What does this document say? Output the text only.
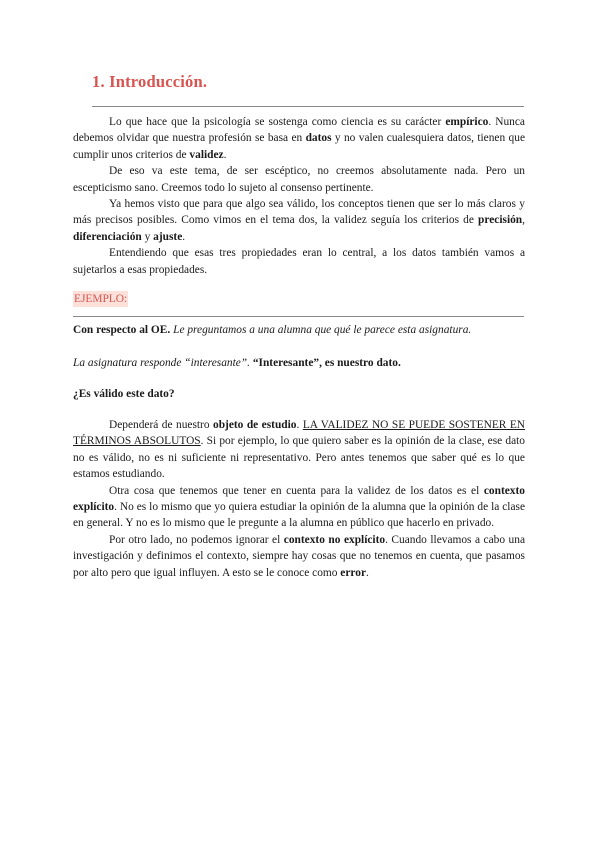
1. Introducción.

Lo que hace que la psicología se sostenga como ciencia es su carácter empírico. Nunca debemos olvidar que nuestra profesión se basa en datos y no valen cualesquiera datos, tienen que cumplir unos criterios de validez.

De eso va este tema, de ser escéptico, no creemos absolutamente nada. Pero un escepticismo sano. Creemos todo lo sujeto al consenso pertinente.

Ya hemos visto que para que algo sea válido, los conceptos tienen que ser lo más claros y más precisos posibles. Como vimos en el tema dos, la validez seguía los criterios de precisión, diferenciación y ajuste.

Entendiendo que esas tres propiedades eran lo central, a los datos también vamos a sujetarlos a esas propiedades.

EJEMPLO:

Con respecto al OE. Le preguntamos a una alumna que qué le parece esta asignatura.

La asignatura responde “interesante”. “Interesante”, es nuestro dato.

¿Es válido este dato?

Dependerá de nuestro objeto de estudio. LA VALIDEZ NO SE PUEDE SOSTENER EN TÉRMINOS ABSOLUTOS. Si por ejemplo, lo que quiero saber es la opinión de la clase, ese dato no es válido, no es ni suficiente ni representativo. Pero antes tenemos que saber qué es lo que estamos estudiando.

Otra cosa que tenemos que tener en cuenta para la validez de los datos es el contexto explícito. No es lo mismo que yo quiera estudiar la opinión de la alumna que la opinión de la clase en general. Y no es lo mismo que le pregunte a la alumna en público que hacerlo en privado.

Por otro lado, no podemos ignorar el contexto no explícito. Cuando llevamos a cabo una investigación y definimos el contexto, siempre hay cosas que no tenemos en cuenta, que pasamos por alto pero que igual influyen. A esto se le conoce como error.
